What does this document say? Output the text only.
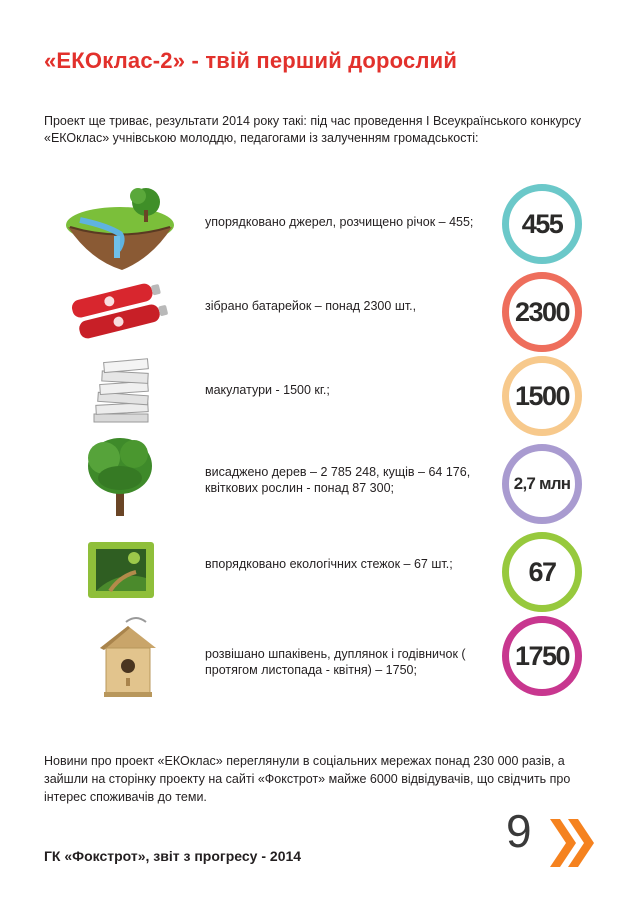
«ЕКОклас-2» - твій перший дорослий

Проект ще триває, результати 2014 року такі: під час проведення І Всеукраїнського конкурсу «ЕКОклас» учнівською молоддю, педагогами із залученням громадськості:

упорядковано джерел, розчищено річок – 455;	455

зібрано батарейок – понад 2300 шт.,	2300

макулатури - 1500 кг.;	1500

висаджено дерев – 2 785 248, кущів – 64 176, квіткових рослин - понад 87 300;	2,7 млн

впорядковано екологічних стежок – 67 шт.;	67

розвішано шпаківень, дуплянок і годівничок ( протягом листопада - квітня) – 1750;	1750

Новини про проект «ЕКОклас» переглянули в соціальних мережах понад 230 000 разів, а зайшли на сторінку проекту на сайті «Фокстрот» майже 6000 відвідувачів, що свідчить про інтерес споживачів до теми.

ГК «Фокстрот», звіт з прогресу - 2014	9
